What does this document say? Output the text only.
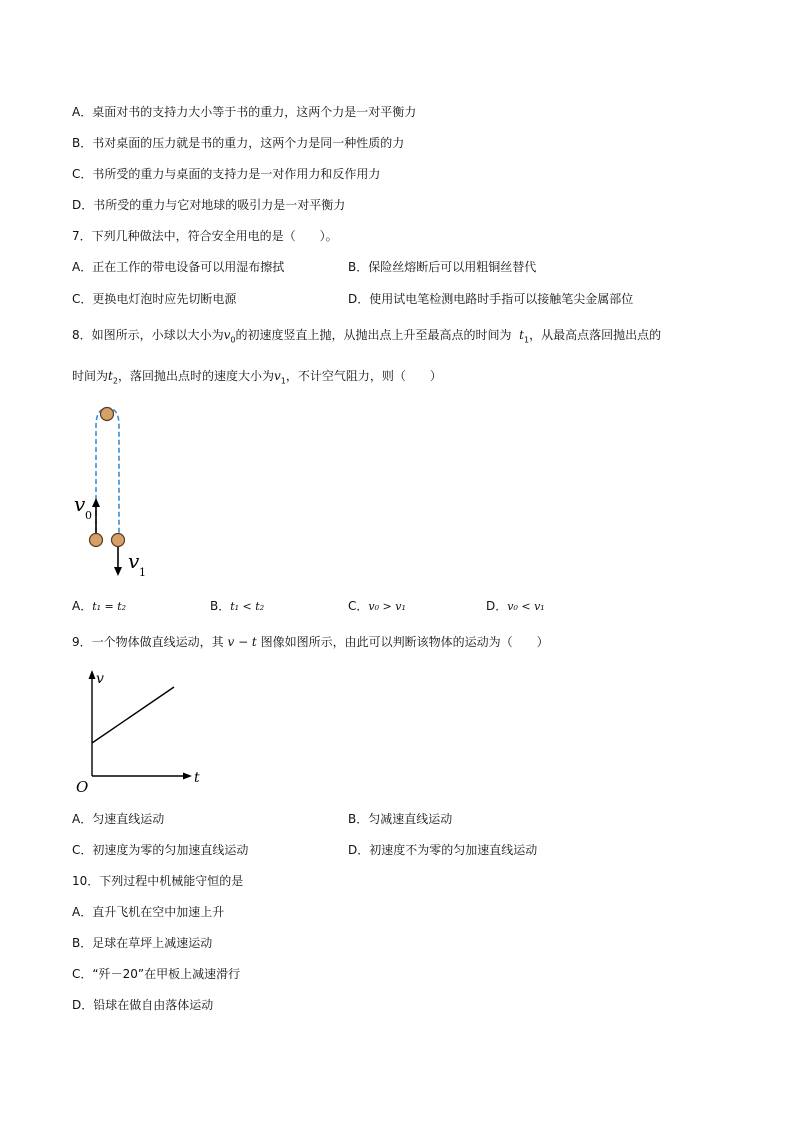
A．桌面对书的支持力大小等于书的重力，这两个力是一对平衡力
B．书对桌面的压力就是书的重力，这两个力是同一种性质的力
C．书所受的重力与桌面的支持力是一对作用力和反作用力
D．书所受的重力与它对地球的吸引力是一对平衡力
7．下列几种做法中，符合安全用电的是（　　）。
A．正在工作的带电设备可以用湿布擦拭	B．保险丝熔断后可以用粗铜丝替代
C．更换电灯泡时应先切断电源	D．使用试电笔检测电路时手指可以接触笔尖金属部位
8．如图所示，小球以大小为$v_0$的初速度竖直上抛，从抛出点上升至最高点的时间为 $t_1$，从最高点落回抛出点的
时间为$t_2$，落回抛出点时的速度大小为$v_1$，不计空气阻力，则（　　）
v 0
v 1
A．t₁ = t₂	B．t₁ < t₂	C．v₀ > v₁	D．v₀ < v₁
9．一个物体做直线运动，其 v − t 图像如图所示，由此可以判断该物体的运动为（　　）
v
t
O
A．匀速直线运动	B．匀减速直线运动
C．初速度为零的匀加速直线运动	D．初速度不为零的匀加速直线运动
10．下列过程中机械能守恒的是
A．直升飞机在空中加速上升
B．足球在草坪上减速运动
C．“歼－20”在甲板上减速滑行
D．铅球在做自由落体运动
